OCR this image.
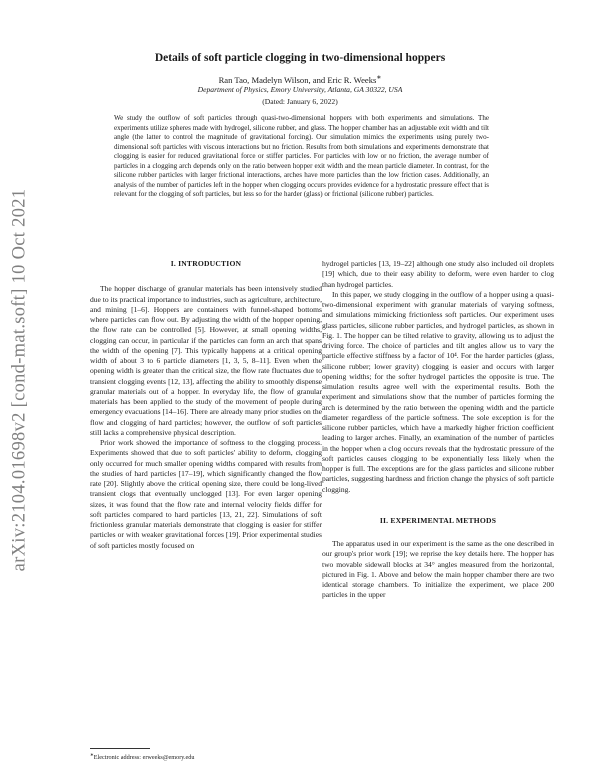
arXiv:2104.01698v2 [cond-mat.soft] 10 Oct 2021
Details of soft particle clogging in two-dimensional hoppers
Ran Tao, Madelyn Wilson, and Eric R. Weeks∗
Department of Physics, Emory University, Atlanta, GA 30322, USA
(Dated: January 6, 2022)

We study the outflow of soft particles through quasi-two-dimensional hoppers with both experiments and simulations. The experiments utilize spheres made with hydrogel, silicone rubber, and glass. The hopper chamber has an adjustable exit width and tilt angle (the latter to control the magnitude of gravitational forcing). Our simulation mimics the experiments using purely two-dimensional soft particles with viscous interactions but no friction. Results from both simulations and experiments demonstrate that clogging is easier for reduced gravitational force or stiffer particles. For particles with low or no friction, the average number of particles in a clogging arch depends only on the ratio between hopper exit width and the mean particle diameter. In contrast, for the silicone rubber particles with larger frictional interactions, arches have more particles than the low friction cases. Additionally, an analysis of the number of particles left in the hopper when clogging occurs provides evidence for a hydrostatic pressure effect that is relevant for the clogging of soft particles, but less so for the harder (glass) or frictional (silicone rubber) particles.

I. INTRODUCTION

The hopper discharge of granular materials has been intensively studied due to its practical importance to industries, such as agriculture, architecture, and mining [1–6]. Hoppers are containers with funnel-shaped bottoms where particles can flow out. By adjusting the width of the hopper opening, the flow rate can be controlled [5]. However, at small opening widths, clogging can occur, in particular if the particles can form an arch that spans the width of the opening [7]. This typically happens at a critical opening width of about 3 to 6 particle diameters [1, 3, 5, 8–11]. Even when the opening width is greater than the critical size, the flow rate fluctuates due to transient clogging events [12, 13], affecting the ability to smoothly dispense granular materials out of a hopper. In everyday life, the flow of granular materials has been applied to the study of the movement of people during emergency evacuations [14–16]. There are already many prior studies on the flow and clogging of hard particles; however, the outflow of soft particles still lacks a comprehensive physical description.

Prior work showed the importance of softness to the clogging process. Experiments showed that due to soft particles' ability to deform, clogging only occurred for much smaller opening widths compared with results from the studies of hard particles [17–19], which significantly changed the flow rate [20]. Slightly above the critical opening size, there could be long-lived transient clogs that eventually unclogged [13]. For even larger opening sizes, it was found that the flow rate and internal velocity fields differ for soft particles compared to hard particles [13, 21, 22]. Simulations of soft frictionless granular materials demonstrate that clogging is easier for stiffer particles or with weaker gravitational forces [19]. Prior experimental studies of soft particles mostly focused on

hydrogel particles [13, 19–22] although one study also included oil droplets [19] which, due to their easy ability to deform, were even harder to clog than hydrogel particles.

In this paper, we study clogging in the outflow of a hopper using a quasi-two-dimensional experiment with granular materials of varying softness, and simulations mimicking frictionless soft particles. Our experiment uses glass particles, silicone rubber particles, and hydrogel particles, as shown in Fig. 1. The hopper can be tilted relative to gravity, allowing us to adjust the driving force. The choice of particles and tilt angles allow us to vary the particle effective stiffness by a factor of 10⁴. For the harder particles (glass, silicone rubber; lower gravity) clogging is easier and occurs with larger opening widths; for the softer hydrogel particles the opposite is true. The simulation results agree well with the experimental results. Both the experiment and simulations show that the number of particles forming the arch is determined by the ratio between the opening width and the particle diameter regardless of the particle softness. The sole exception is for the silicone rubber particles, which have a markedly higher friction coefficient leading to larger arches. Finally, an examination of the number of particles in the hopper when a clog occurs reveals that the hydrostatic pressure of the soft particles causes clogging to be exponentially less likely when the hopper is full. The exceptions are for the glass particles and silicone rubber particles, suggesting hardness and friction change the physics of soft particle clogging.

II. EXPERIMENTAL METHODS

The apparatus used in our experiment is the same as the one described in our group's prior work [19]; we reprise the key details here. The hopper has two movable sidewall blocks at 34° angles measured from the horizontal, pictured in Fig. 1. Above and below the main hopper chamber there are two identical storage chambers. To initialize the experiment, we place 200 particles in the upper

∗Electronic address: erweeks@emory.edu
